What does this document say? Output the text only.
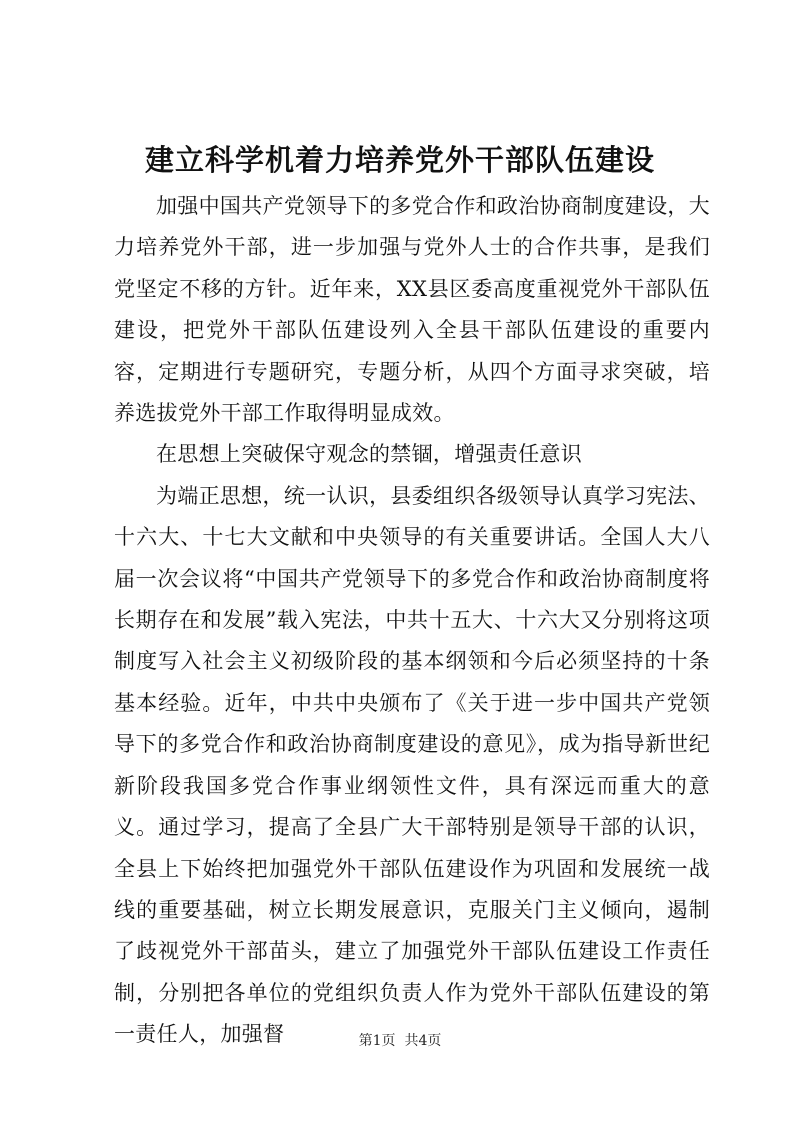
建立科学机着力培养党外干部队伍建设

加强中国共产党领导下的多党合作和政治协商制度建设，大力培养党外干部，进一步加强与党外人士的合作共事，是我们党坚定不移的方针。近年来，XX县区委高度重视党外干部队伍建设，把党外干部队伍建设列入全县干部队伍建设的重要内容，定期进行专题研究，专题分析，从四个方面寻求突破，培养选拔党外干部工作取得明显成效。

在思想上突破保守观念的禁锢，增强责任意识

为端正思想，统一认识，县委组织各级领导认真学习宪法、十六大、十七大文献和中央领导的有关重要讲话。全国人大八届一次会议将“中国共产党领导下的多党合作和政治协商制度将长期存在和发展”载入宪法，中共十五大、十六大又分别将这项制度写入社会主义初级阶段的基本纲领和今后必须坚持的十条基本经验。近年，中共中央颁布了《关于进一步中国共产党领导下的多党合作和政治协商制度建设的意见》，成为指导新世纪新阶段我国多党合作事业纲领性文件，具有深远而重大的意义。通过学习，提高了全县广大干部特别是领导干部的认识，全县上下始终把加强党外干部队伍建设作为巩固和发展统一战线的重要基础，树立长期发展意识，克服关门主义倾向，遏制了歧视党外干部苗头，建立了加强党外干部队伍建设工作责任制，分别把各单位的党组织负责人作为党外干部队伍建设的第一责任人，加强督	第1页 共4页
